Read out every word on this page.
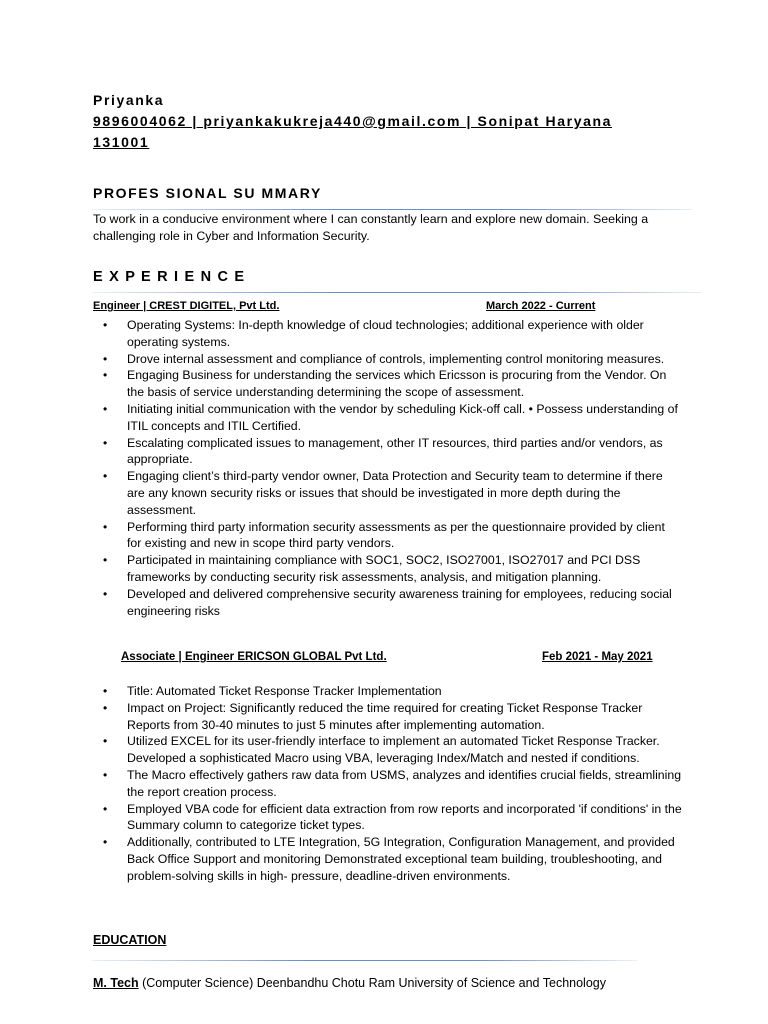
Priyanka
9896004062 | priyankakukreja440@gmail.com | Sonipat Haryana
131001
PROFES SIONAL SU MMARY
To work in a conducive environment where I can constantly learn and explore new domain. Seeking a challenging role in Cyber and Information Security.
E X P E R I E N C E
Engineer | CREST DIGITEL, Pvt Ltd.	March 2022 - Current
• Operating Systems: In-depth knowledge of cloud technologies; additional experience with older operating systems.
• Drove internal assessment and compliance of controls, implementing control monitoring measures.
• Engaging Business for understanding the services which Ericsson is procuring from the Vendor. On the basis of service understanding determining the scope of assessment.
• Initiating initial communication with the vendor by scheduling Kick-off call. • Possess understanding of ITIL concepts and ITIL Certified.
• Escalating complicated issues to management, other IT resources, third parties and/or vendors, as appropriate.
• Engaging client’s third-party vendor owner, Data Protection and Security team to determine if there are any known security risks or issues that should be investigated in more depth during the assessment.
• Performing third party information security assessments as per the questionnaire provided by client for existing and new in scope third party vendors.
• Participated in maintaining compliance with SOC1, SOC2, ISO27001, ISO27017 and PCI DSS frameworks by conducting security risk assessments, analysis, and mitigation planning.
• Developed and delivered comprehensive security awareness training for employees, reducing social engineering risks
Associate | Engineer ERICSON GLOBAL Pvt Ltd.	Feb 2021 - May 2021
• Title: Automated Ticket Response Tracker Implementation
• Impact on Project: Significantly reduced the time required for creating Ticket Response Tracker Reports from 30-40 minutes to just 5 minutes after implementing automation.
• Utilized EXCEL for its user-friendly interface to implement an automated Ticket Response Tracker. Developed a sophisticated Macro using VBA, leveraging Index/Match and nested if conditions.
• The Macro effectively gathers raw data from USMS, analyzes and identifies crucial fields, streamlining the report creation process.
• Employed VBA code for efficient data extraction from row reports and incorporated 'if conditions' in the Summary column to categorize ticket types.
• Additionally, contributed to LTE Integration, 5G Integration, Configuration Management, and provided Back Office Support and monitoring Demonstrated exceptional team building, troubleshooting, and problem-solving skills in high- pressure, deadline-driven environments.
EDUCATION
M. Tech (Computer Science) Deenbandhu Chotu Ram University of Science and Technology
